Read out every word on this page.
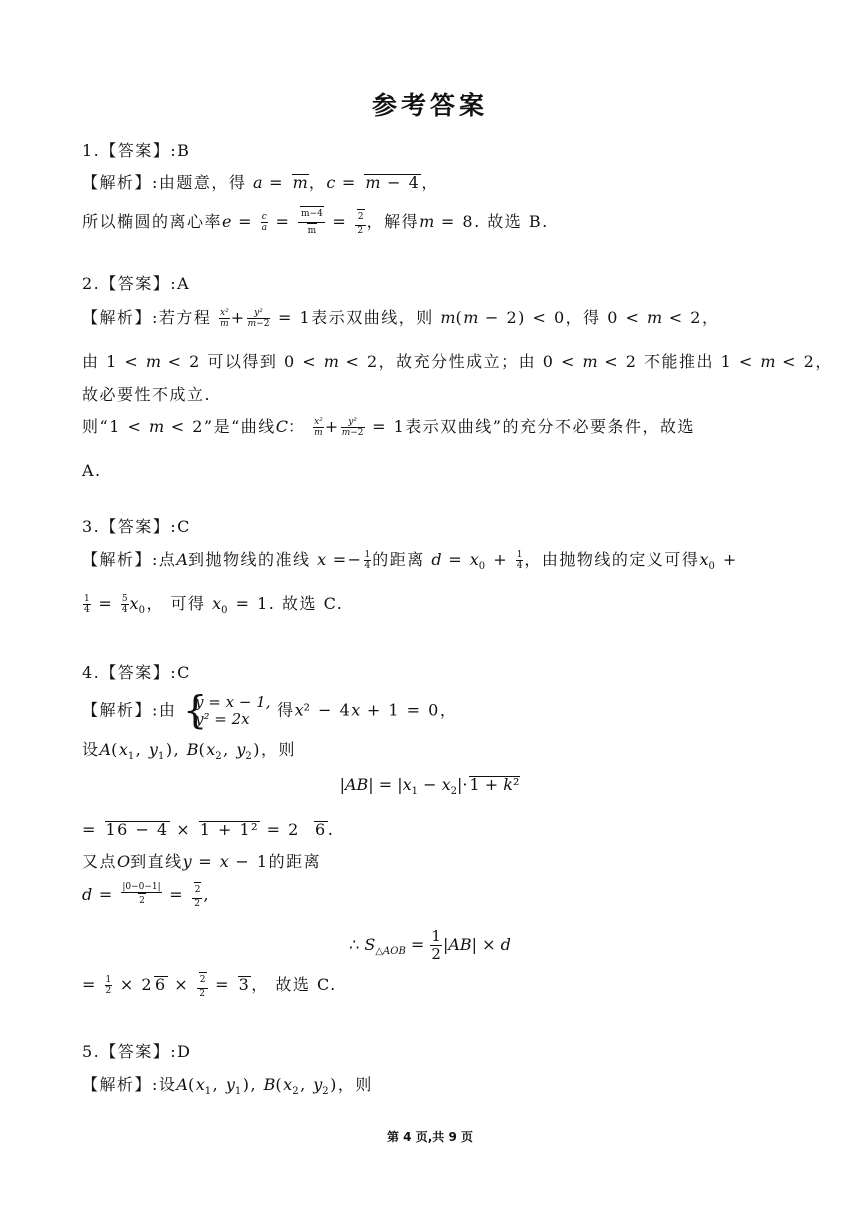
参考答案
1.【答案】:B
【解析】:由题意，得 a = m，c = m − 4，
所以椭圆的离心率$e = \frac{c}{a} = \frac{m-4}{m} = \frac{2}{2}$ ，解得m = 8. 故选 B.
2.【答案】:A
【解析】:若方程 $\frac{\text{x²}}{m} + \frac{\text{y²}}{m-2} = 1$表示双曲线，则 m(m − 2) < 0，得 0 < m < 2，
由 1 < m < 2 可以得到 0 < m < 2，故充分性成立；由 0 < m < 2 不能推出 1 < m < 2，
故必要性不成立.
则“1 < m < 2”是“曲线C： $\frac{\text{x²}}{m} + \frac{\text{y²}}{m-2} = 1$表示双曲线”的充分不必要条件，故选
A.
3.【答案】:C
【解析】:点A到抛物线的准线 $x =- \frac{1}{4}$ 的距离 $d = x_0 + \frac{1}{4}$ ，由抛物线的定义可得$x_0$ +
$\frac{1}{4} = \frac{5}{4} x_0$， 可得 $x_0 = 1$. 故选 C.
4.【答案】:C
【解析】:由 {
y = x − 1,
y² = 2x	得x² − 4x + 1 = 0，
设$A(x_1$, $y_1$), $B(x_2$, $y_2$)，则
$|AB| = |x_1 - x_2|\cdot 1 + k^2$
= 16 − 4 × 1 + 1² = 2  6.
又点O到直线y = x − 1的距离
$d = \frac{|0-0-1|}{2} = \frac{2}{2}$ ,
∴ $S_{\triangle AOB} = \frac{1}{2} |AB| \times d$
= $\frac{1}{2} \times 2$ $6 \times \frac{2}{2} = 3$， 故选 C.
5.【答案】:D
【解析】:设$A(x_1$, $y_1$), $B(x_2$, $y_2$)，则
第 4 页,共 9 页
